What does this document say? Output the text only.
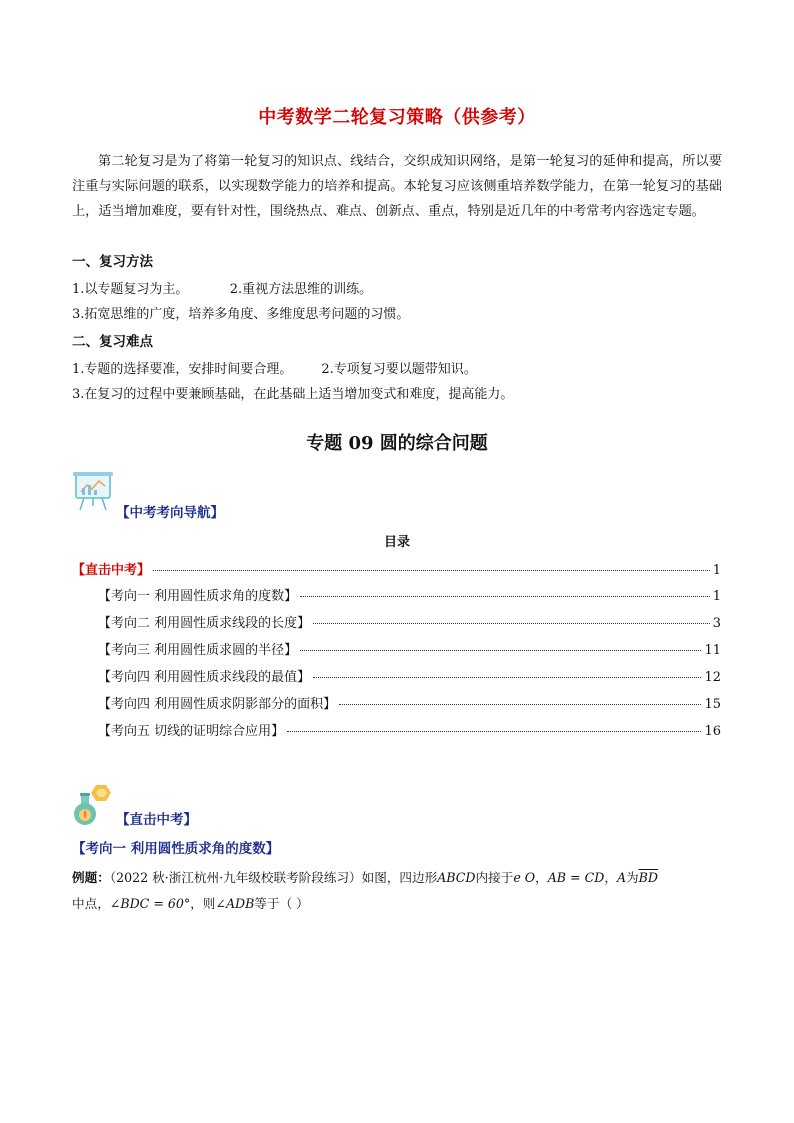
中考数学二轮复习策略（供参考）
第二轮复习是为了将第一轮复习的知识点、线结合，交织成知识网络，是第一轮复习的延伸和提高，所以要注重与实际问题的联系，以实现数学能力的培养和提高。本轮复习应该侧重培养数学能力，在第一轮复习的基础上，适当增加难度，要有针对性，围绕热点、难点、创新点、重点，特别是近几年的中考常考内容选定专题。
一、复习方法
1.以专题复习为主。          2.重视方法思维的训练。
3.拓宽思维的广度，培养多角度、多维度思考问题的习惯。
二、复习难点
1.专题的选择要准，安排时间要合理。       2.专项复习要以题带知识。
3.在复习的过程中要兼顾基础，在此基础上适当增加变式和难度，提高能力。
专题 09 圆的综合问题
【中考考向导航】
目录
【直击中考】	1
【考向一 利用圆性质求角的度数】	1
【考向二 利用圆性质求线段的长度】	3
【考向三 利用圆性质求圆的半径】	11
【考向四 利用圆性质求线段的最值】	12
【考向四 利用圆性质求阴影部分的面积】	15
【考向五 切线的证明综合应用】	16
【直击中考】
【考向一 利用圆性质求角的度数】
例题：（2022 秋·浙江杭州·九年级校联考阶段练习）如图，四边形ABCD内接于e O，AB = CD，A为$\overline{BD}$
中点，∠BDC = 60°，则∠ADB等于（ ）
